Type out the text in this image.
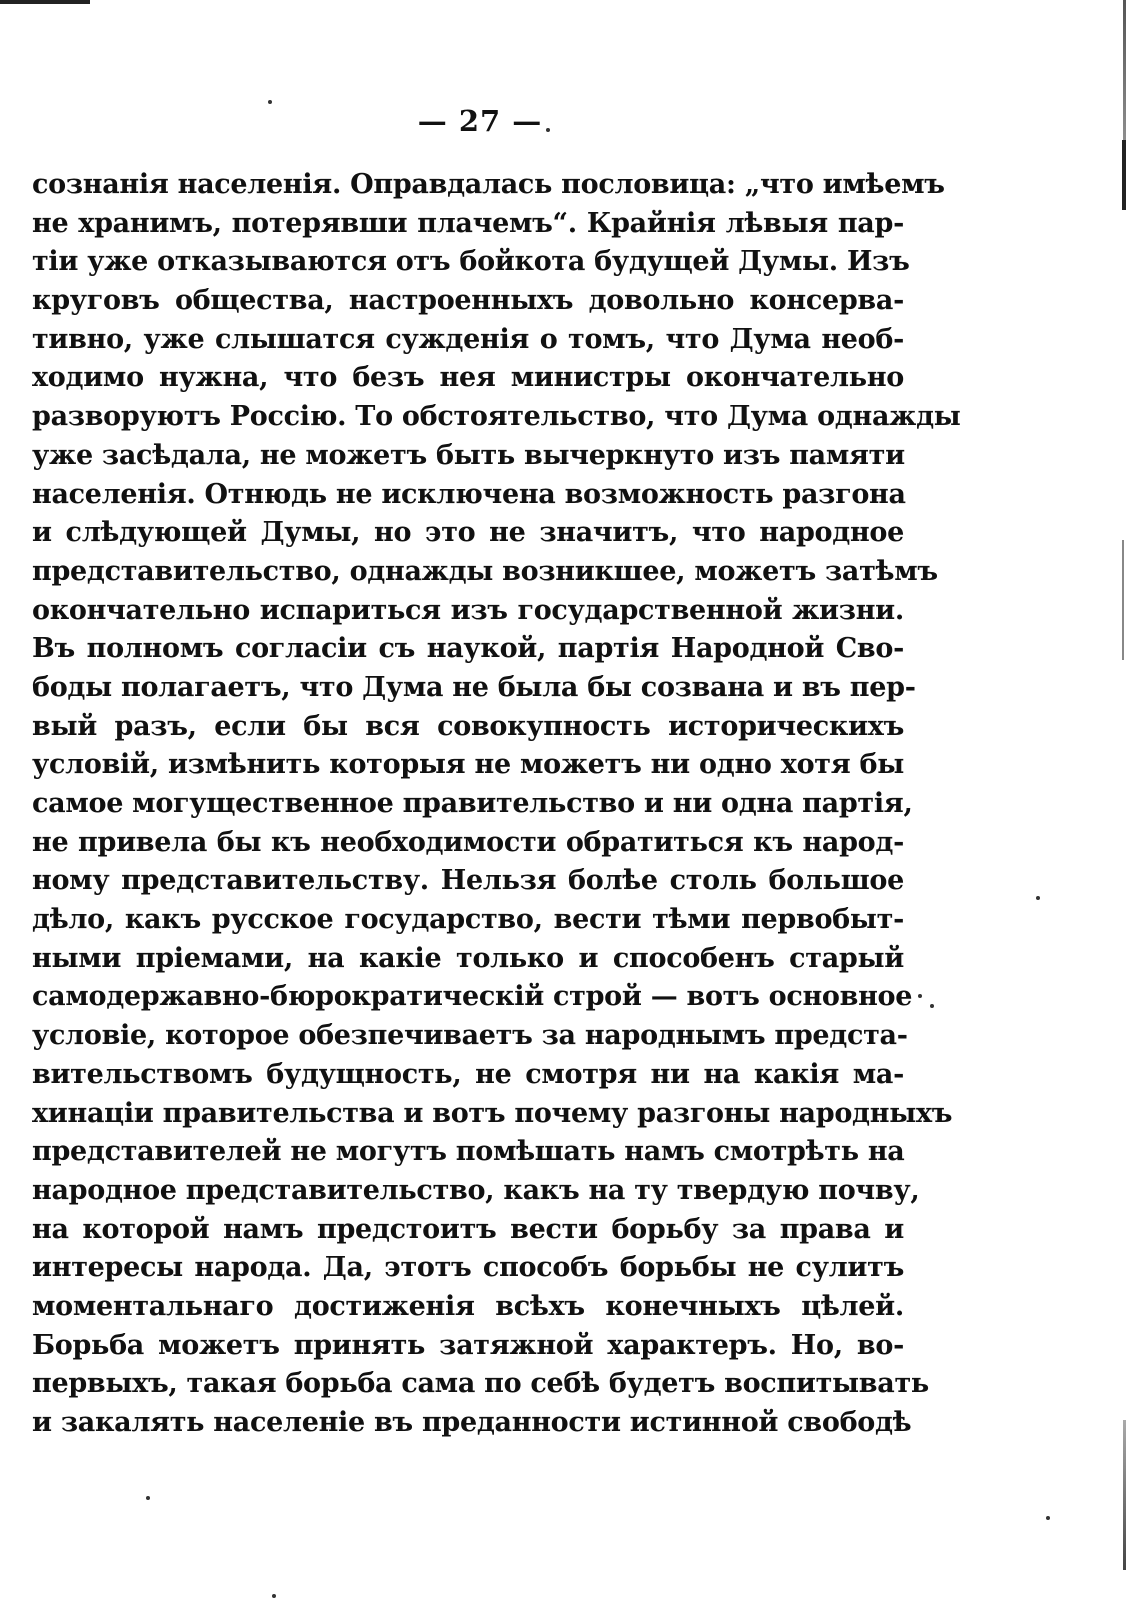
— 27 —
сознанія населенія. Оправдалась пословица: „что имѣемъ
не хранимъ, потерявши плачемъ“. Крайнія лѣвыя пар-
тіи уже отказываются отъ бойкота будущей Думы. Изъ
круговъ общества, настроенныхъ довольно консерва-
тивно, уже слышатся сужденія о томъ, что Дума необ-
ходимо нужна, что безъ нея министры окончательно
разворуютъ Россію. То обстоятельство, что Дума однажды
уже засѣдала, не можетъ быть вычеркнуто изъ памяти
населенія. Отнюдь не исключена возможность разгона
и слѣдующей Думы, но это не значитъ, что народное
представительство, однажды возникшее, можетъ затѣмъ
окончательно испариться изъ государственной жизни.
Въ полномъ согласіи съ наукой, партія Народной Сво-
боды полагаетъ, что Дума не была бы созвана и въ пер-
вый разъ, если бы вся совокупность историческихъ
условій, измѣнить которыя не можетъ ни одно хотя бы
самое могущественное правительство и ни одна партія,
не привела бы къ необходимости обратиться къ народ-
ному представительству. Нельзя болѣе столь большое
дѣло, какъ русское государство, вести тѣми первобыт-
ными пріемами, на какіе только и способенъ старый
самодержавно-бюрократическій строй — вотъ основное
условіе, которое обезпечиваетъ за народнымъ предста-
вительствомъ будущность, не смотря ни на какія ма-
хинаціи правительства и вотъ почему разгоны народныхъ
представителей не могутъ помѣшать намъ смотрѣть на
народное представительство, какъ на ту твердую почву,
на которой намъ предстоитъ вести борьбу за права и
интересы народа. Да, этотъ способъ борьбы не сулитъ
моментальнаго достиженія всѣхъ конечныхъ цѣлей.
Борьба можетъ принять затяжной характеръ. Но, во-
первыхъ, такая борьба сама по себѣ будетъ воспитывать
и закалять населеніе въ преданности истинной свободѣ
